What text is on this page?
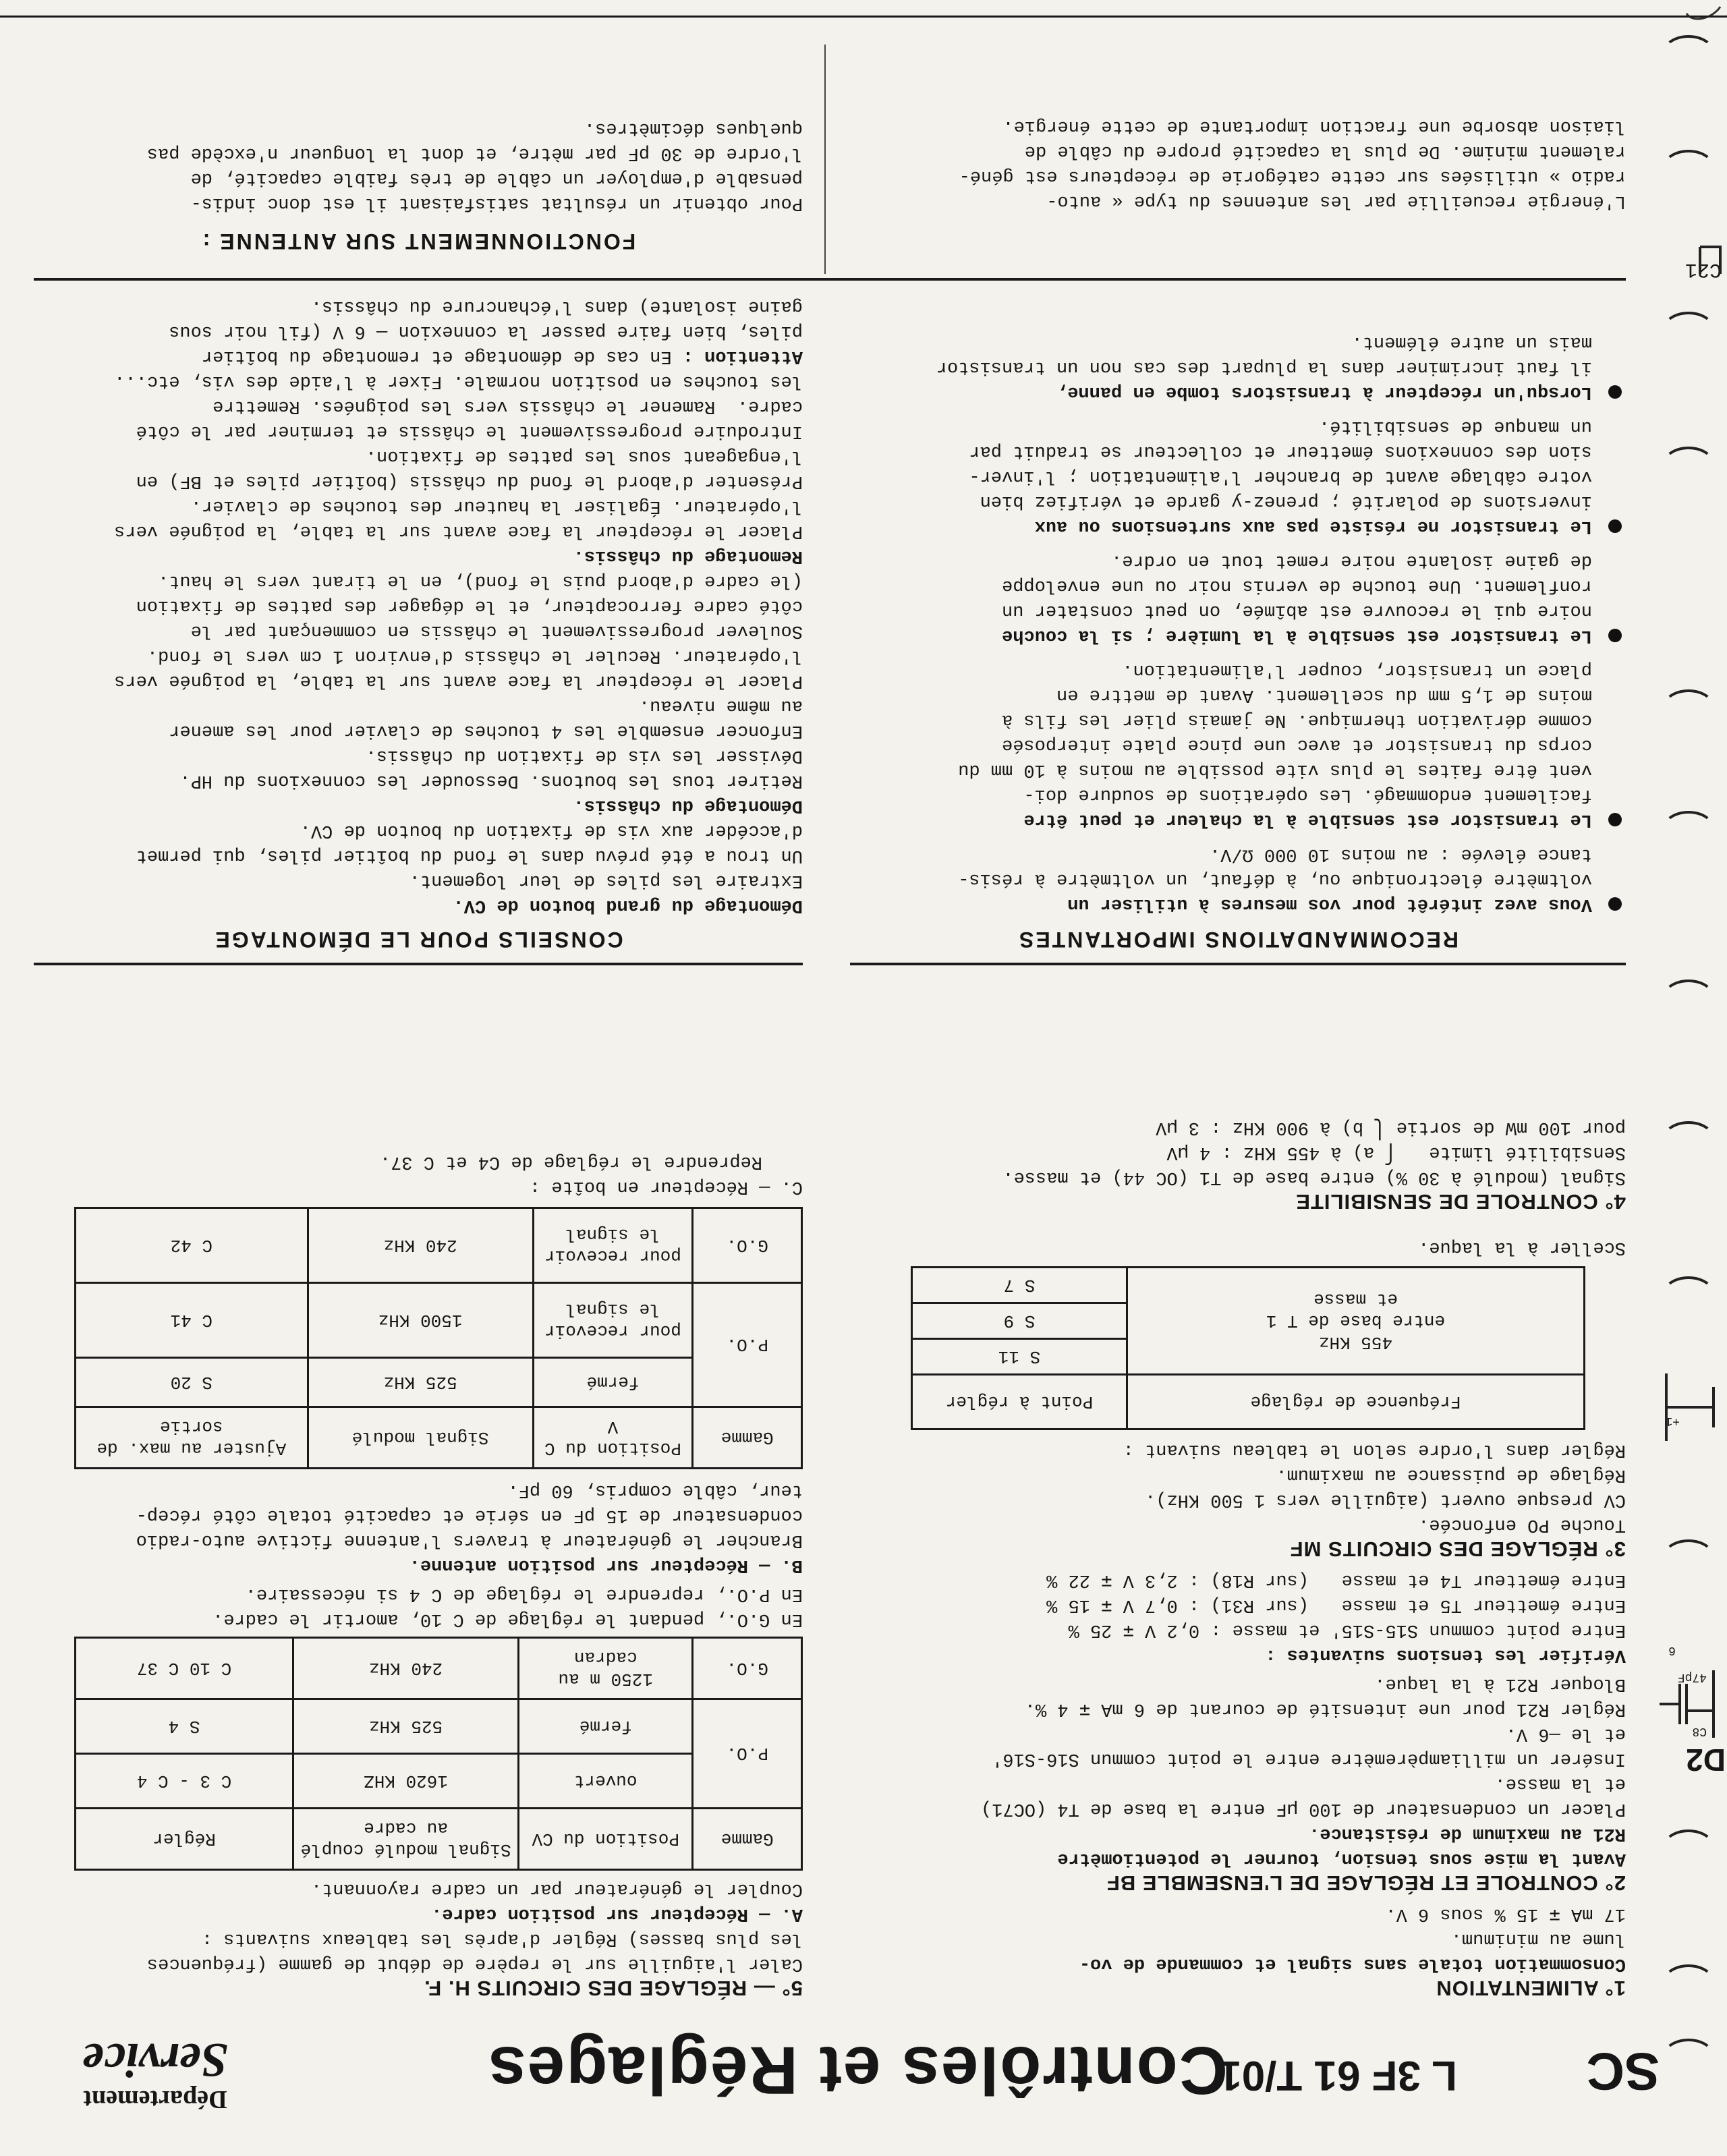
D2
C8
47pF
6
+1
C21
SC
L 3F 61 T/01
Contrôles et Réglages
Département
Service

1° ALIMENTATION

Consommation totale sans signal et commande de vo-

lume au minimum.

17 mA ∓ 15 % sous 6 V.

2° CONTROLE ET RÉGLAGE DE L'ENSEMBLE BF

Avant la mise sous tension, tourner le potentiomètre

R21 au maximum de résistance.

Placer un condensateur de 100 µF entre la base de T4 (OC71)

et la masse.

Insérer un milliampèremètre entre le point commun S16-S16'

et le —6 V.

Régler R21 pour une intensité de courant de 6 mA ∓ 4 %.

Bloquer R21 à la laque.

Vérifier les tensions suivantes :

Entre point commun S15-S15' et masse : 0,2 V ∓ 25 %

Entre émetteur T5 et masse   (sur R31) : 0,7 V ∓ 15 %

Entre émetteur T4 et masse   (sur R18) : 2,3 V ∓ 22 %

3° RÉGLAGE DES CIRCUITS MF

Touche PO enfoncée.

CV presque ouvert (aiguille vers 1 500 KHz).

Réglage de puissance au maximum.

Régler dans l'ordre selon le tableau suivant :

Fréquence de réglage	Point à régler

455 KHz
entre base de T 1
et masse	S 11
	S 9
	S 7

Sceller à la laque.

4° CONTROLE DE SENSIBILITE

Signal (modulé à 30 %) entre base de T1 (OC 44) et masse.

Sensibilité limite   ⎧ a) à 455 KHz : 4 µV

pour 100 mW de sortie ⎩ b) à 900 KHz : 3 µV

RECOMMANDATIONS IMPORTANTES

Vous avez intérêt pour vos mesures à utiliser un

voltmètre électronique ou, à défaut, un voltmètre à résis-

tance élevée : au moins 10 000 Ω/V.

Le transistor est sensible à la chaleur et peut être

facilement endommagé. Les opérations de soudure doi-

vent être faites le plus vite possible au moins à 10 mm du

corps du transistor et avec une pince plate interposée

comme dérivation thermique. Ne jamais plier les fils à

moins de 1,5 mm du scellement. Avant de mettre en

place un transistor, couper l'alimentation.

Le transistor est sensible à la lumière ; si la couche

noire qui le recouvre est abîmée, on peut constater un

ronflement. Une touche de vernis noir ou une enveloppe

de gaine isolante noire remet tout en ordre.

Le transistor ne résiste pas aux surtensions ou aux

inversions de polarité ; prenez-y garde et vérifiez bien

votre câblage avant de brancher l'alimentation ; l'inver-

sion des connexions émetteur et collecteur se traduit par

un manque de sensibilité.

Lorsqu'un récepteur à transistors tombe en panne,

il faut incriminer dans la plupart des cas non un transistor

mais un autre élément.

L'énergie recueillie par les antennes du type « auto-

radio » utilisées sur cette catégorie de récepteurs est géné-

ralement minime. De plus la capacité propre du câble de

liaison absorbe une fraction importante de cette énergie.

5° — RÉGLAGE DES CIRCUITS H. F.

Caler l'aiguille sur le repère de début de gamme (fréquences

les plus basses) Régler d'après les tableaux suivants :

A. — Récepteur sur position cadre.

Coupler le générateur par un cadre rayonnant.

Gamme	Position du CV	Signal modulé couplé au cadre	Régler
P.O.	ouvert	1620 KHZ	C 3 - C 4
	fermé	525 KHz	S 4
G.O.	1250 m au cadran	240 KHz	C 10 C 37

En G.O., pendant le réglage de C 10, amortir le cadre.

En P.O., reprendre le réglage de C 4 si nécessaire.

B. — Récepteur sur position antenne.

Brancher le générateur à travers l'antenne fictive auto-radio

condensateur de 15 pF en série et capacité totale côté récep-

teur, câble compris, 60 pF.

Gamme	Position du C V	Signal modulé	Ajuster au max. de sortie
P.O.	fermé	525 KHz	S 20
	pour recevoir le signal	1500 KHz	C 41
G.O.	pour recevoir le signal	240 KHz	C 42

C. — Récepteur en boîte :

Reprendre le réglage de C4 et C 37.

CONSEILS POUR LE DÉMONTAGE

Démontage du grand bouton de CV.

Extraire les piles de leur logement.

Un trou a été prévu dans le fond du boîtier piles, qui permet

d'accéder aux vis de fixation du bouton de CV.

Démontage du châssis.

Retirer tous les boutons. Dessouder les connexions du HP.

Dévisser les vis de fixation du châssis.

Enfoncer ensemble les 4 touches de clavier pour les amener

au même niveau.

Placer le récepteur la face avant sur la table, la poignée vers

l'opérateur. Reculer le châssis d'environ 1 cm vers le fond.

Soulever progressivement le châssis en commençant par le

côté cadre ferrocapteur, et le dégager des pattes de fixation

(le cadre d'abord puis le fond), en le tirant vers le haut.

Remontage du châssis.

Placer le récepteur la face avant sur la table, la poignée vers

l'opérateur. Égaliser la hauteur des touches de clavier.

Présenter d'abord le fond du châssis (boîtier piles et BF) en

l'engageant sous les pattes de fixation.

Introduire progressivement le châssis et terminer par le côté

cadre.  Ramener le châssis vers les poignées. Remettre

les touches en position normale. Fixer à l'aide des vis, etc...

Attention : En cas de démontage et remontage du boîtier

piles, bien faire passer la connexion — 6 V (fil noir sous

gaine isolante) dans l'échancrure du châssis.

FONCTIONNEMENT SUR ANTENNE :

Pour obtenir un résultat satisfaisant il est donc indis-

pensable d'employer un câble de très faible capacité, de

l'ordre de 30 pF par mètre, et dont la longueur n'excède pas

quelques décimètres.
